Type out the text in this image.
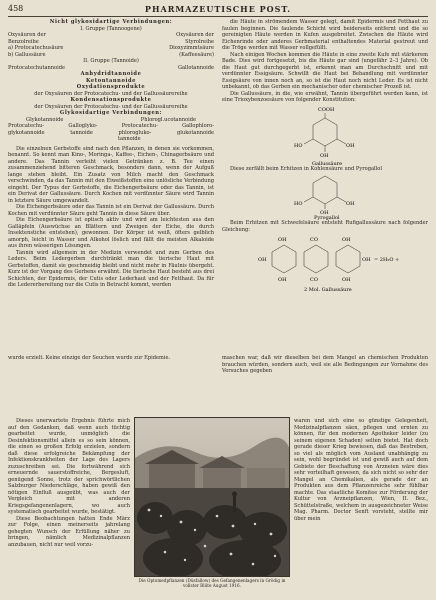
458	PHARMAZEUTISCHE POST.
Nicht glykosidartige Verbindungen:
I. Gruppe (Tannoogene)
Oxysäuren der	Oxysäuren der
Benzolreihe	Styrolreihe
a) Protocatechusäure	Dioxyzimmtsäure
b) Gallussäure	(Kaffeesäure)
II. Gruppe (Tannoide)
Protocatechutannoide	Gallotannoide
Anhydridtannoide
Ketontannoide
Oxydationsprodukte
der Oxysäuren der Protocatechu- und der Gallussäurereihe
Kondensationsprodukte
der Oxysäuren der Protocatechu- und der Gallussäurereihe
Glykosidartige Verbindungen:
Glykotannoide	Phlorogl.ucotannoide
Protocatechu-	Galloglyko-	Protocatechu-	Gallophloro-
glykotannoide	tannoide	phlorogluko-	glukotannoide
tannoide

Die einzelnen Gerbstoffe sind nach den Pflanzen, in denen sie vorkommen, benannt. So kennt man Kino-, Moringa-, Kaffee-, Eichen-, Chinagerbsäure und andere. Das Tannin verleiht vielen Getränken z. B. Tee einen zusammenziehend bitteren Geschmack, besonders dann, wenn der Aufguß lange stehen bleibt. Ein Zusatz von Milch macht den Geschmack verschwinden, da das Tannin mit den Eiweißstoffen eine unlösliche Verbindung eingeht. Der Typus der Gerbstoffe, die Eichengerbsäure oder das Tannin, ist ein Derivat der Gallussäure. Durch Kochen mit verdünnter Säure wird Tannin in letztere Säure umgewandelt.

Die Eichengerbsäure oder das Tannin ist ein Derivat der Gallussäure. Durch Kochen mit verdünnter Säure geht Tannin in diese Säure über.

Die Eichengerbsäure ist optisch aktiv und wird am leichtesten aus den Galläpfeln (Auswüchse an Blättern und Zweigen der Eiche, die durch Insektenstiche entstehen), gewonnen. Der Körper ist weiß, öfters gelblich amorph, leicht in Wasser und Alkohol löslich und fällt die meisten Alkaloide aus ihren wässerigen Lösungen.

Tannin wird allgemein in der Medizin verwendet und zum Gerben des Leders. Beim Ledergerben durchtränkt man die tierische Haut mit Gerbstoffen, damit sie geschmeidig bleibt und nicht mehr in Fäulnis übergeht. Kurz ist der Vorgang des Gerbens erwähnt. Die tierische Haut besteht aus drei Schichten, der Epidermis, der Cutis oder Lederhaut und der Fetthaut. Da für die Ledererbereitung nur die Cutis in Betracht kommt, werden

die Häute in strömendem Wasser gelegt, damit Epidermis und Fetthaut zu faulen beginnen. Die faulende Schicht wird beiderseits entfernt und die so gereinigten Häute werden in Kufen ausgebreitet. Zwischen die Häute wird Eichenrinde oder anderes Gerbmaterial enthaltendes Material gestreut und die Tröge werden mit Wasser vollgefüllt.

Nach einigen Wochen kommen die Häute in eine zweite Kufe mit stärkerem Bade. Dies wird fortgesetzt, bis die Häute gar sind (ungefähr 2–3 Jahre). Ob die Haut gut durchgegerbt ist, erkennt man am Durchschnitt und mit verdünnter Essigsäure. Schwillt die Haut bei Behandlung mit verdünnter Essigsäure von innen noch an, so ist die Haut noch nicht Leder. Es ist nicht unbekannt, ob das Gerben ein mechanischer oder chemischer Prozeß ist.

Die Gallussäure, in die, wie erwähnt, Tannin übergeführt werden kann, ist eine Trioxybenzoesäure von folgender Konstitution:

COOH
OH
HO
OH
Gallussäure

Diese zerfällt beim Erhitzen in Kohlensäure und Pyrogallol

OH
HO
OH
Pyrogallol

Beim Erhitzen mit Schwefelsäure entsteht Rufigallussäure nach folgender Gleichung:

OH	CO	OH
OH	OH
OH	CO	OH
= 2H₂O +
2 Mol. Gallussäure
wurde erzielt. Keine einzige der Seuchen wurde zur Epidemie.	maschen war, daß wir dieselben bei dem Mangel an chemischen Produkten brauchen würden, sondern auch, weil sie alle Bedingungen zur Vornahme des Versuches gegeben

Dieses unerwartete Ergebnis führte mich auf den Gedanken, daß wenn auch tüchtig gearbeitet wurde, unmöglich die Desinfektionsmittel allein es so sein können, die einen so großen Erfolg erzielen, sondern daß diese erfolgreiche Bekämpfung der Infektionskrankheiten der Lage des Lagers zuzuschreiben sei. Die fortwährend sich erneuernde sauerstoffreiche, Bergesluft, genügend Sonne, trotz der sprichwörtlichen Salzburger Niederschläge, haben gewiß den nötigen Einfluß ausgeübt, was auch der Vergleich mit anderen Kriegsgefangenenlagern, wo auch systematisch gearbeitet wurde, bestätigt.

Diese Beobachtungen hatten Ende März zur Folge, einen meinerseits jahrelang gehegten Wunsch der Erfüllung näher zu bringen, nämlich Medizinalpflanzen anzubauen, nicht nur weil vorzu-

Die Optomedpflanzen (Düsfallow) des Gefangenenlagers in Grödig in vollster Blüte August 1916.

waren und sich eine so günstige Gelegenheit, Medizinalpflanzen säen, pflegen und ernten zu können, für den modernen Apotheker leider (zu seinem eigenen Schaden) selten bietet. Hat doch gerade dieser Krieg bewiesen, daß das Bestreben, so viel als möglich vom Ausland unabhängig zu sein, wohl begründet ist und gewiß auch auf dem Gebiete der Beschaffung von Arzneien wäre dies sehr vorteilhaft gewesen, da sich nicht so sehr der Mangel an Chemikalien, als gerade der an Produkten aus dem Pflanzenreiche sehr fühlbar machte. Das staatliche Komitee zur Förderung der Kultur von Arzneipflanzen, Wien, II. Bez., Schüttelstraße, welchem in ausgezeichneter Weise Mag. Pharm. Doctor Senft vorsteht, stellte mir über mein
